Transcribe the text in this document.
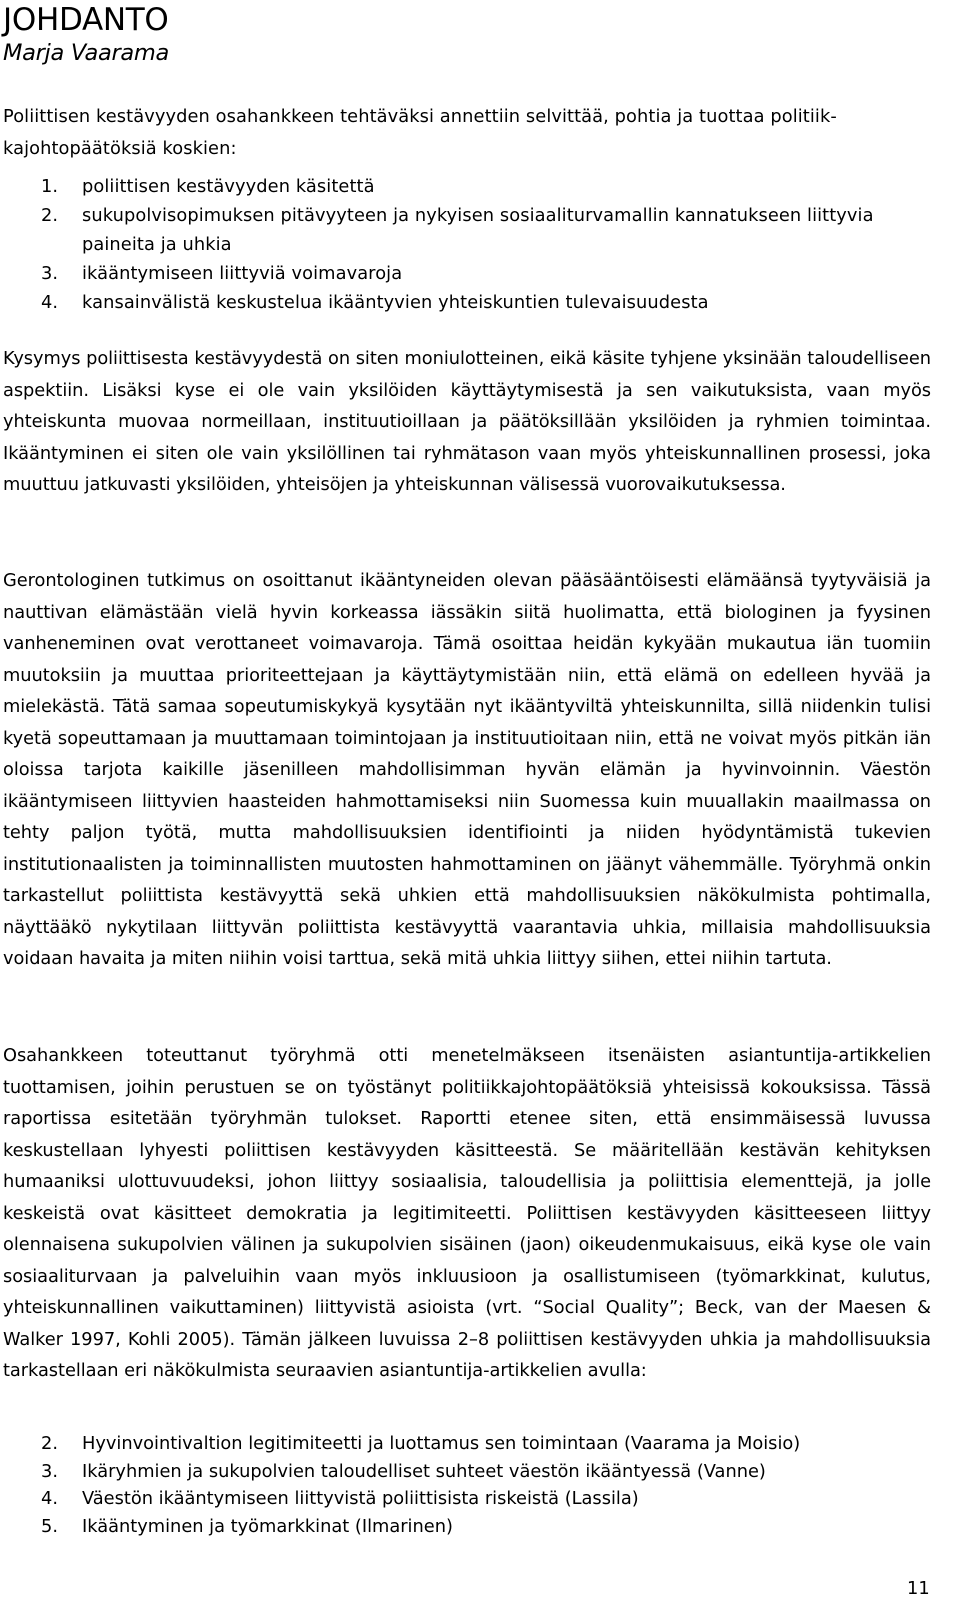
JOHDANTO

Marja Vaarama

Poliittisen kestävyyden osahankkeen tehtäväksi annettiin selvittää, pohtia ja tuottaa politiikkajohtopäätöksiä koskien:

1. poliittisen kestävyyden käsitettä
2. sukupolvisopimuksen pitävyyteen ja nykyisen sosiaaliturvamallin kannatukseen liittyvia paineita ja uhkia
3. ikääntymiseen liittyviä voimavaroja
4. kansainvälistä keskustelua ikääntyvien yhteiskuntien tulevaisuudesta

Kysymys poliittisesta kestävyydestä on siten moniulotteinen, eikä käsite tyhjene yksinään taloudelliseen aspektiin. Lisäksi kyse ei ole vain yksilöiden käyttäytymisestä ja sen vaikutuksista, vaan myös yhteiskunta muovaa normeillaan, instituutioillaan ja päätöksillään yksilöiden ja ryhmien toimintaa. Ikääntyminen ei siten ole vain yksilöllinen tai ryhmätason vaan myös yhteiskunnallinen prosessi, joka muuttuu jatkuvasti yksilöiden, yhteisöjen ja yhteiskunnan välisessä vuorovaikutuksessa.

Gerontologinen tutkimus on osoittanut ikääntyneiden olevan pääsääntöisesti elämäänsä tyytyväisiä ja nauttivan elämästään vielä hyvin korkeassa iässäkin siitä huolimatta, että biologinen ja fyysinen vanheneminen ovat verottaneet voimavaroja. Tämä osoittaa heidän kykyään mukautua iän tuomiin muutoksiin ja muuttaa prioriteettejaan ja käyttäytymistään niin, että elämä on edelleen hyvää ja mielekästä. Tätä samaa sopeutumiskykyä kysytään nyt ikääntyviltä yhteiskunnilta, sillä niidenkin tulisi kyetä sopeuttamaan ja muuttamaan toimintojaan ja instituutioitaan niin, että ne voivat myös pitkän iän oloissa tarjota kaikille jäsenilleen mahdollisimman hyvän elämän ja hyvinvoinnin. Väestön ikääntymiseen liittyvien haasteiden hahmottamiseksi niin Suomessa kuin muuallakin maailmassa on tehty paljon työtä, mutta mahdollisuuksien identifiointi ja niiden hyödyntämistä tukevien institutionaalisten ja toiminnallisten muutosten hahmottaminen on jäänyt vähemmälle. Työryhmä onkin tarkastellut poliittista kestävyyttä sekä uhkien että mahdollisuuksien näkökulmista pohtimalla, näyttääkö nykytilaan liittyvän poliittista kestävyyttä vaarantavia uhkia, millaisia mahdollisuuksia voidaan havaita ja miten niihin voisi tarttua, sekä mitä uhkia liittyy siihen, ettei niihin tartuta.

Osahankkeen toteuttanut työryhmä otti menetelmäkseen itsenäisten asiantuntija-artikkelien tuottamisen, joihin perustuen se on työstänyt politiikkajohtopäätöksiä yhteisissä kokouksissa. Tässä raportissa esitetään työryhmän tulokset. Raportti etenee siten, että ensimmäisessä luvussa keskustellaan lyhyesti poliittisen kestävyyden käsitteestä. Se määritellään kestävän kehityksen humaaniksi ulottuvuudeksi, johon liittyy sosiaalisia, taloudellisia ja poliittisia elementtejä, ja jolle keskeistä ovat käsitteet demokratia ja legitimiteetti. Poliittisen kestävyyden käsitteeseen liittyy olennaisena sukupolvien välinen ja sukupolvien sisäinen (jaon) oikeudenmukaisuus, eikä kyse ole vain sosiaaliturvaan ja palveluihin vaan myös inkluusioon ja osallistumiseen (työmarkkinat, kulutus, yhteiskunnallinen vaikuttaminen) liittyvistä asioista (vrt. “Social Quality”; Beck, van der Maesen & Walker 1997, Kohli 2005). Tämän jälkeen luvuissa 2–8 poliittisen kestävyyden uhkia ja mahdollisuuksia tarkastellaan eri näkökulmista seuraavien asiantuntija-artikkelien avulla:

2. Hyvinvointivaltion legitimiteetti ja luottamus sen toimintaan (Vaarama ja Moisio)
3. Ikäryhmien ja sukupolvien taloudelliset suhteet väestön ikääntyessä (Vanne)
4. Väestön ikääntymiseen liittyvistä poliittisista riskeistä (Lassila)
5. Ikääntyminen ja työmarkkinat (Ilmarinen)
11
